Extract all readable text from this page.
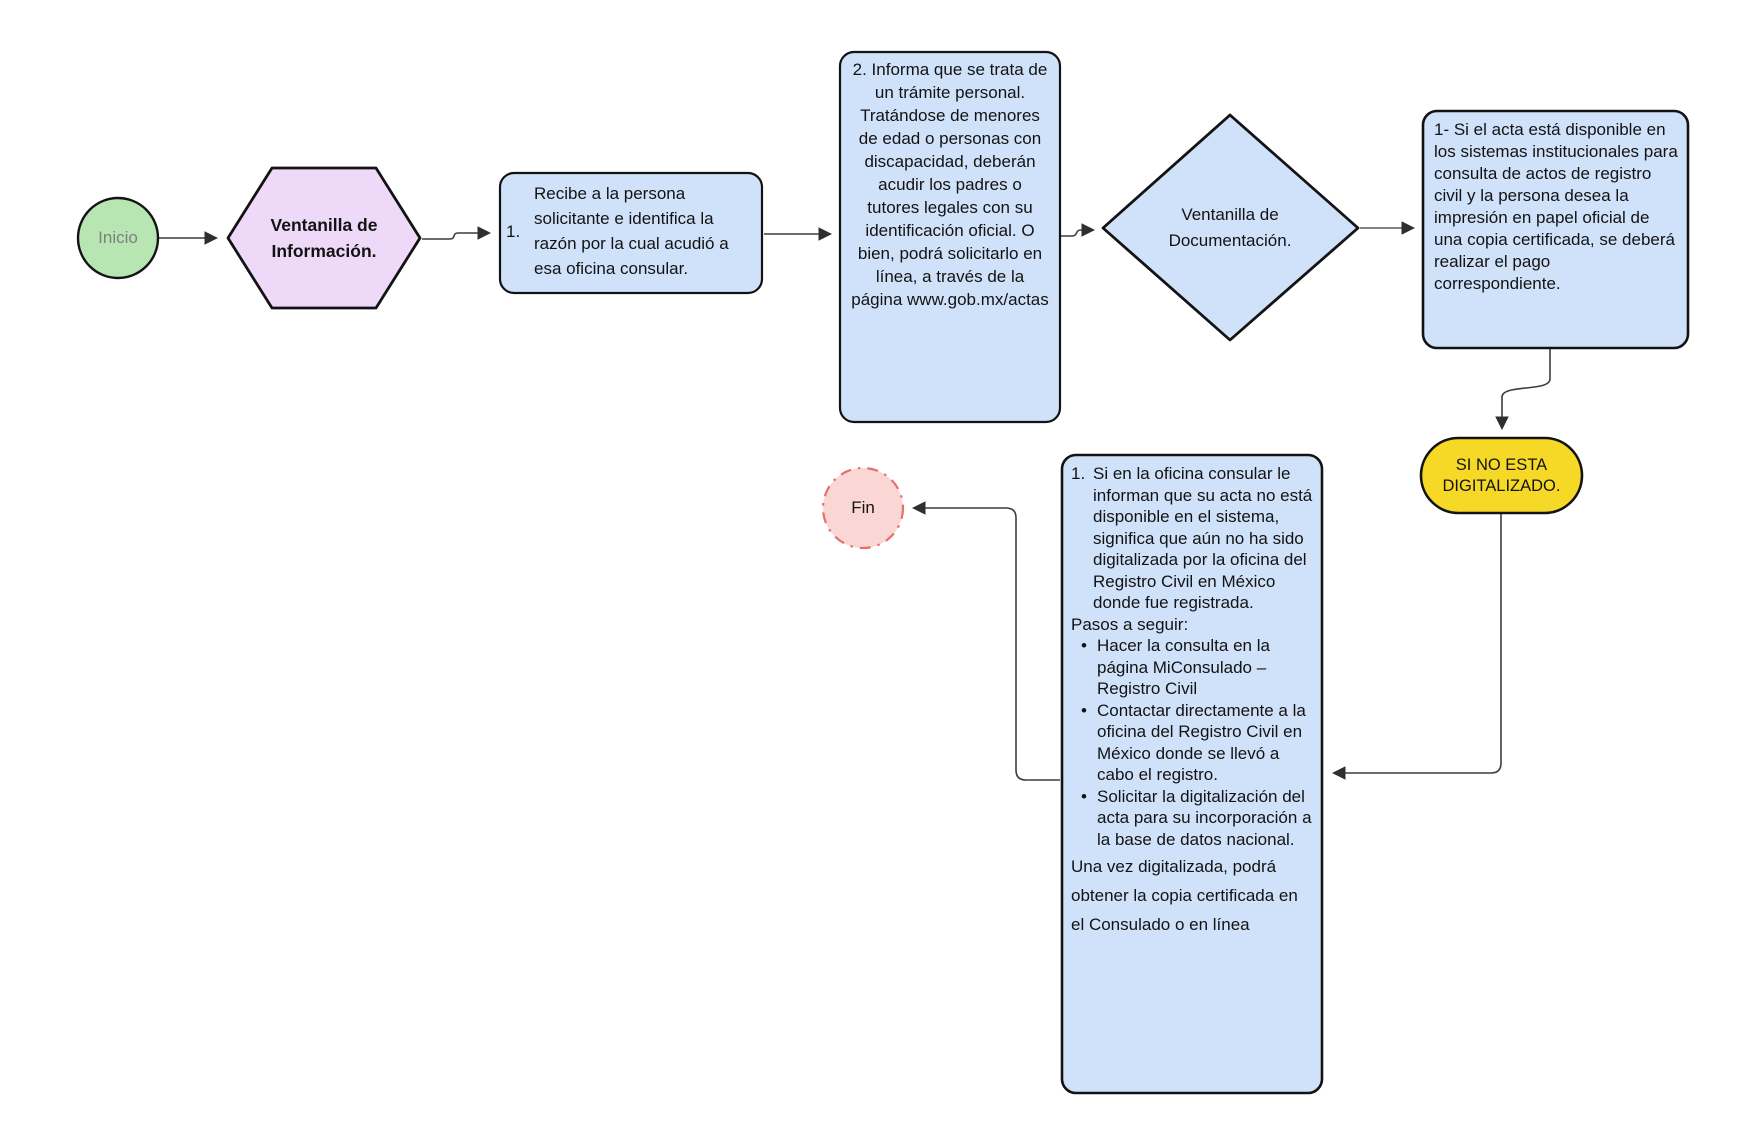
Inicio
Ventanilla de Información.
1.
Recibe a la persona solicitante e identifica la razón por la cual acudió a esa oficina consular.
2. Informa que se trata de un trámite personal. Tratándose de menores de edad o personas con discapacidad, deberán acudir los padres o tutores legales con su identificación oficial. O bien, podrá solicitarlo en línea, a través de la página www.gob.mx/actas
Ventanilla de Documentación.
1- Si el acta está disponible en los sistemas institucionales para consulta de actos de registro civil y la persona desea la impresión en papel oficial de una copia certificada, se deberá realizar el pago correspondiente.
SI NO ESTA DIGITALIZADO.
1. Si en la oficina consular le informan que su acta no está disponible en el sistema, significa que aún no ha sido digitalizada por la oficina del Registro Civil en México donde fue registrada.
Pasos a seguir:
• Hacer la consulta en la página MiConsulado – Registro Civil
• Contactar directamente a la oficina del Registro Civil en México donde se llevó a cabo el registro.
• Solicitar la digitalización del acta para su incorporación a la base de datos nacional.
Una vez digitalizada, podrá obtener la copia certificada en el Consulado o en línea
Fin
